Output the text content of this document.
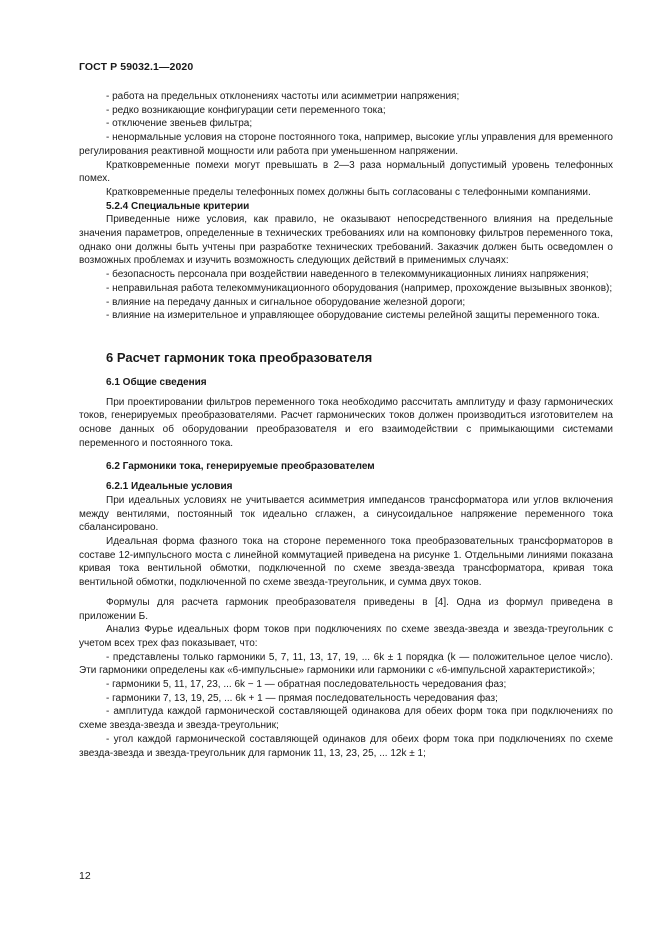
ГОСТ Р 59032.1—2020

- работа на предельных отклонениях частоты или асимметрии напряжения;

- редко возникающие конфигурации сети переменного тока;

- отключение звеньев фильтра;

- ненормальные условия на стороне постоянного тока, например, высокие углы управления для временного регулирования реактивной мощности или работа при уменьшенном напряжении.

Кратковременные помехи могут превышать в 2—3 раза нормальный допустимый уровень телефонных помех.

Кратковременные пределы телефонных помех должны быть согласованы с телефонными компаниями.

5.2.4 Специальные критерии

Приведенные ниже условия, как правило, не оказывают непосредственного влияния на предельные значения параметров, определенные в технических требованиях или на компоновку фильтров переменного тока, однако они должны быть учтены при разработке технических требований. Заказчик должен быть осведомлен о возможных проблемах и изучить возможность следующих действий в применимых случаях:

- безопасность персонала при воздействии наведенного в телекоммуникационных линиях напряжения;

- неправильная работа телекоммуникационного оборудования (например, прохождение вызывных звонков);

- влияние на передачу данных и сигнальное оборудование железной дороги;

- влияние на измерительное и управляющее оборудование системы релейной защиты переменного тока.

6 Расчет гармоник тока преобразователя

6.1 Общие сведения

При проектировании фильтров переменного тока необходимо рассчитать амплитуду и фазу гармонических токов, генерируемых преобразователями. Расчет гармонических токов должен производиться изготовителем на основе данных об оборудовании преобразователя и его взаимодействии с примыкающими системами переменного и постоянного тока.

6.2 Гармоники тока, генерируемые преобразователем

6.2.1 Идеальные условия

При идеальных условиях не учитывается асимметрия импедансов трансформатора или углов включения между вентилями, постоянный ток идеально сглажен, а синусоидальное напряжение переменного тока сбалансировано.

Идеальная форма фазного тока на стороне переменного тока преобразовательных трансформаторов в составе 12-импульсного моста с линейной коммутацией приведена на рисунке 1. Отдельными линиями показана кривая тока вентильной обмотки, подключенной по схеме звезда-звезда трансформатора, кривая тока вентильной обмотки, подключенной по схеме звезда-треугольник, и сумма двух токов.

Формулы для расчета гармоник преобразователя приведены в [4]. Одна из формул приведена в приложении Б.

Анализ Фурье идеальных форм токов при подключениях по схеме звезда-звезда и звезда-треугольник с учетом всех трех фаз показывает, что:

- представлены только гармоники 5, 7, 11, 13, 17, 19, ... 6k ± 1 порядка (k — положительное целое число). Эти гармоники определены как «6-импульсные» гармоники или гармоники с «6-импульсной характеристикой»;

- гармоники 5, 11, 17, 23, ... 6k − 1 — обратная последовательность чередования фаз;

- гармоники 7, 13, 19, 25, ... 6k + 1 — прямая последовательность чередования фаз;

- амплитуда каждой гармонической составляющей одинакова для обеих форм тока при подключениях по схеме звезда-звезда и звезда-треугольник;

- угол каждой гармонической составляющей одинаков для обеих форм тока при подключениях по схеме звезда-звезда и звезда-треугольник для гармоник 11, 13, 23, 25, ... 12k ± 1;

12
